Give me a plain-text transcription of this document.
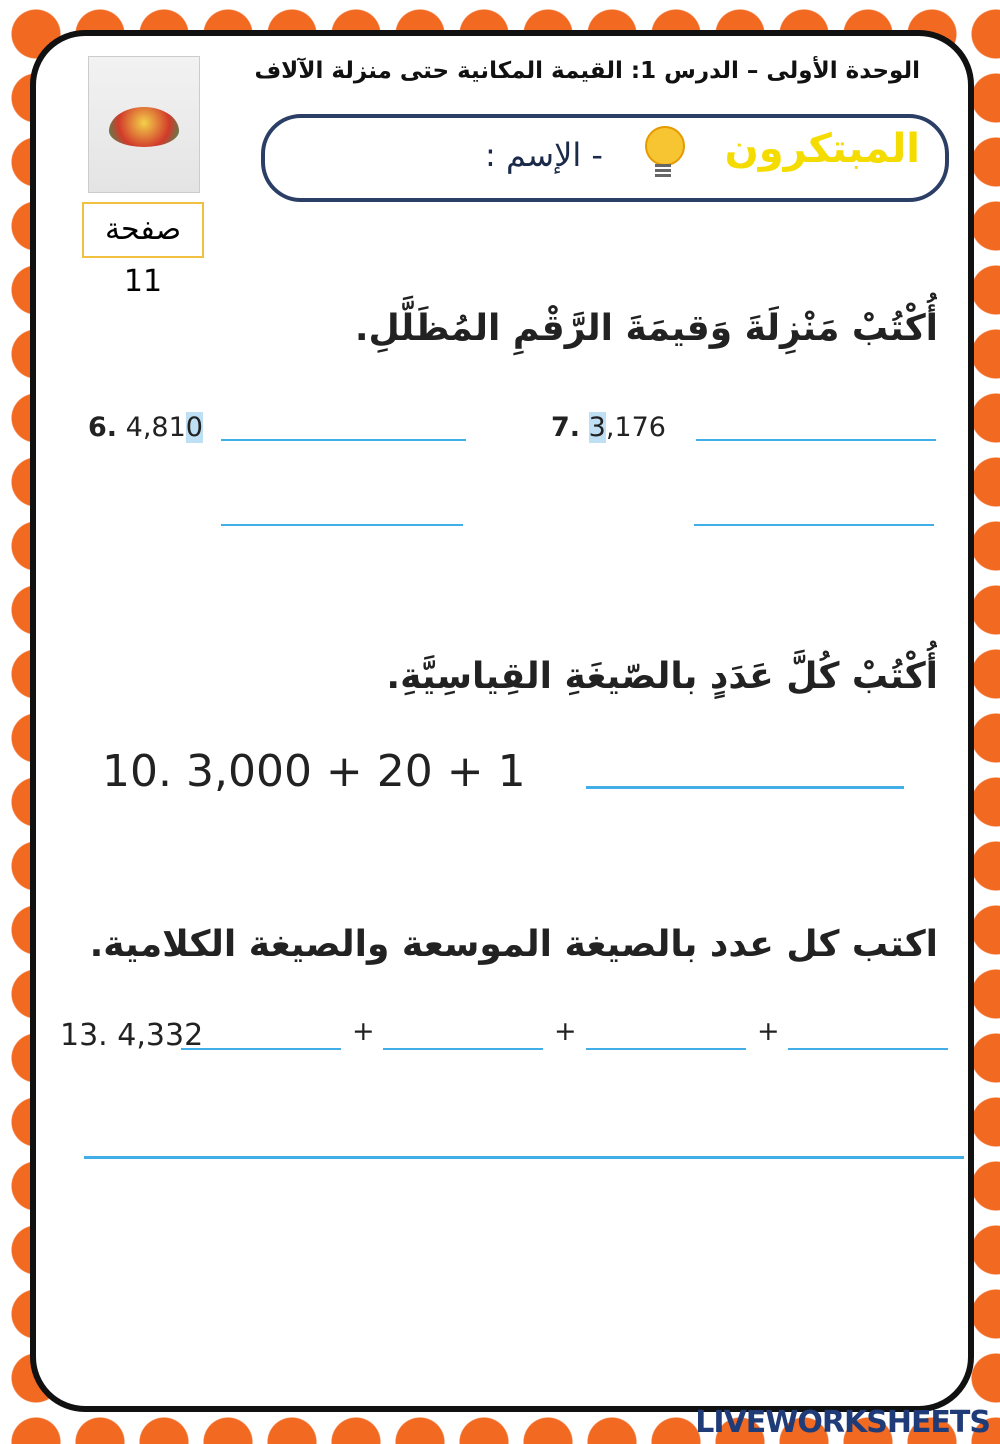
الوحدة الأولى – الدرس 1: القيمة المكانية حتى منزلة الآلاف
صفحة 11
المبتكرون
- الإسم :
أُكْتُبْ مَنْزِلَةَ وَقيمَةَ الرَّقْمِ المُظَلَّلِ.
6. 4,810	7. 3,176
أُكْتُبْ كُلَّ عَدَدٍ بالصّيغَةِ القِياسِيَّةِ.
10. 3,000 + 20 + 1
اكتب كل عدد بالصيغة الموسعة والصيغة الكلامية.
13. 4,332	+	+	+
LIVEWORKSHEETS
